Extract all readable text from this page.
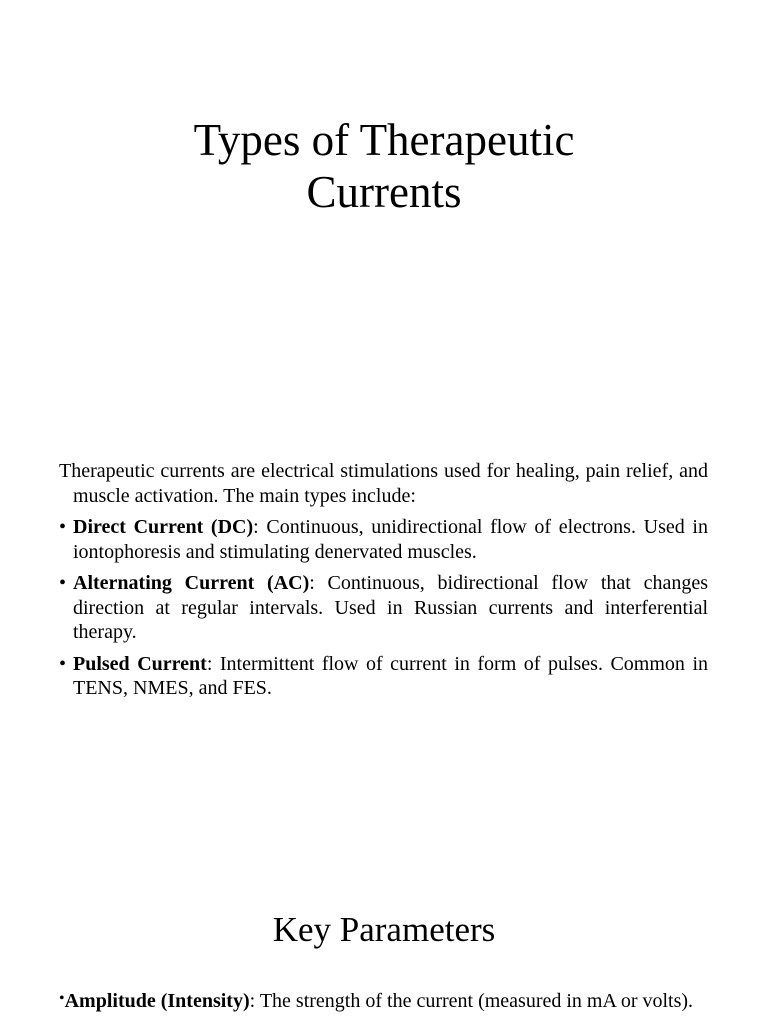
Types of Therapeutic
Currents

Therapeutic currents are electrical stimulations used for healing, pain relief, and muscle activation. The main types include:

• Direct Current (DC): Continuous, unidirectional flow of electrons. Used in iontophoresis and stimulating denervated muscles.
• Alternating Current (AC): Continuous, bidirectional flow that changes direction at regular intervals. Used in Russian currents and interferential therapy.
• Pulsed Current: Intermittent flow of current in form of pulses. Common in TENS, NMES, and FES.
Key Parameters
•Amplitude (Intensity): The strength of the current (measured in mA or volts).
